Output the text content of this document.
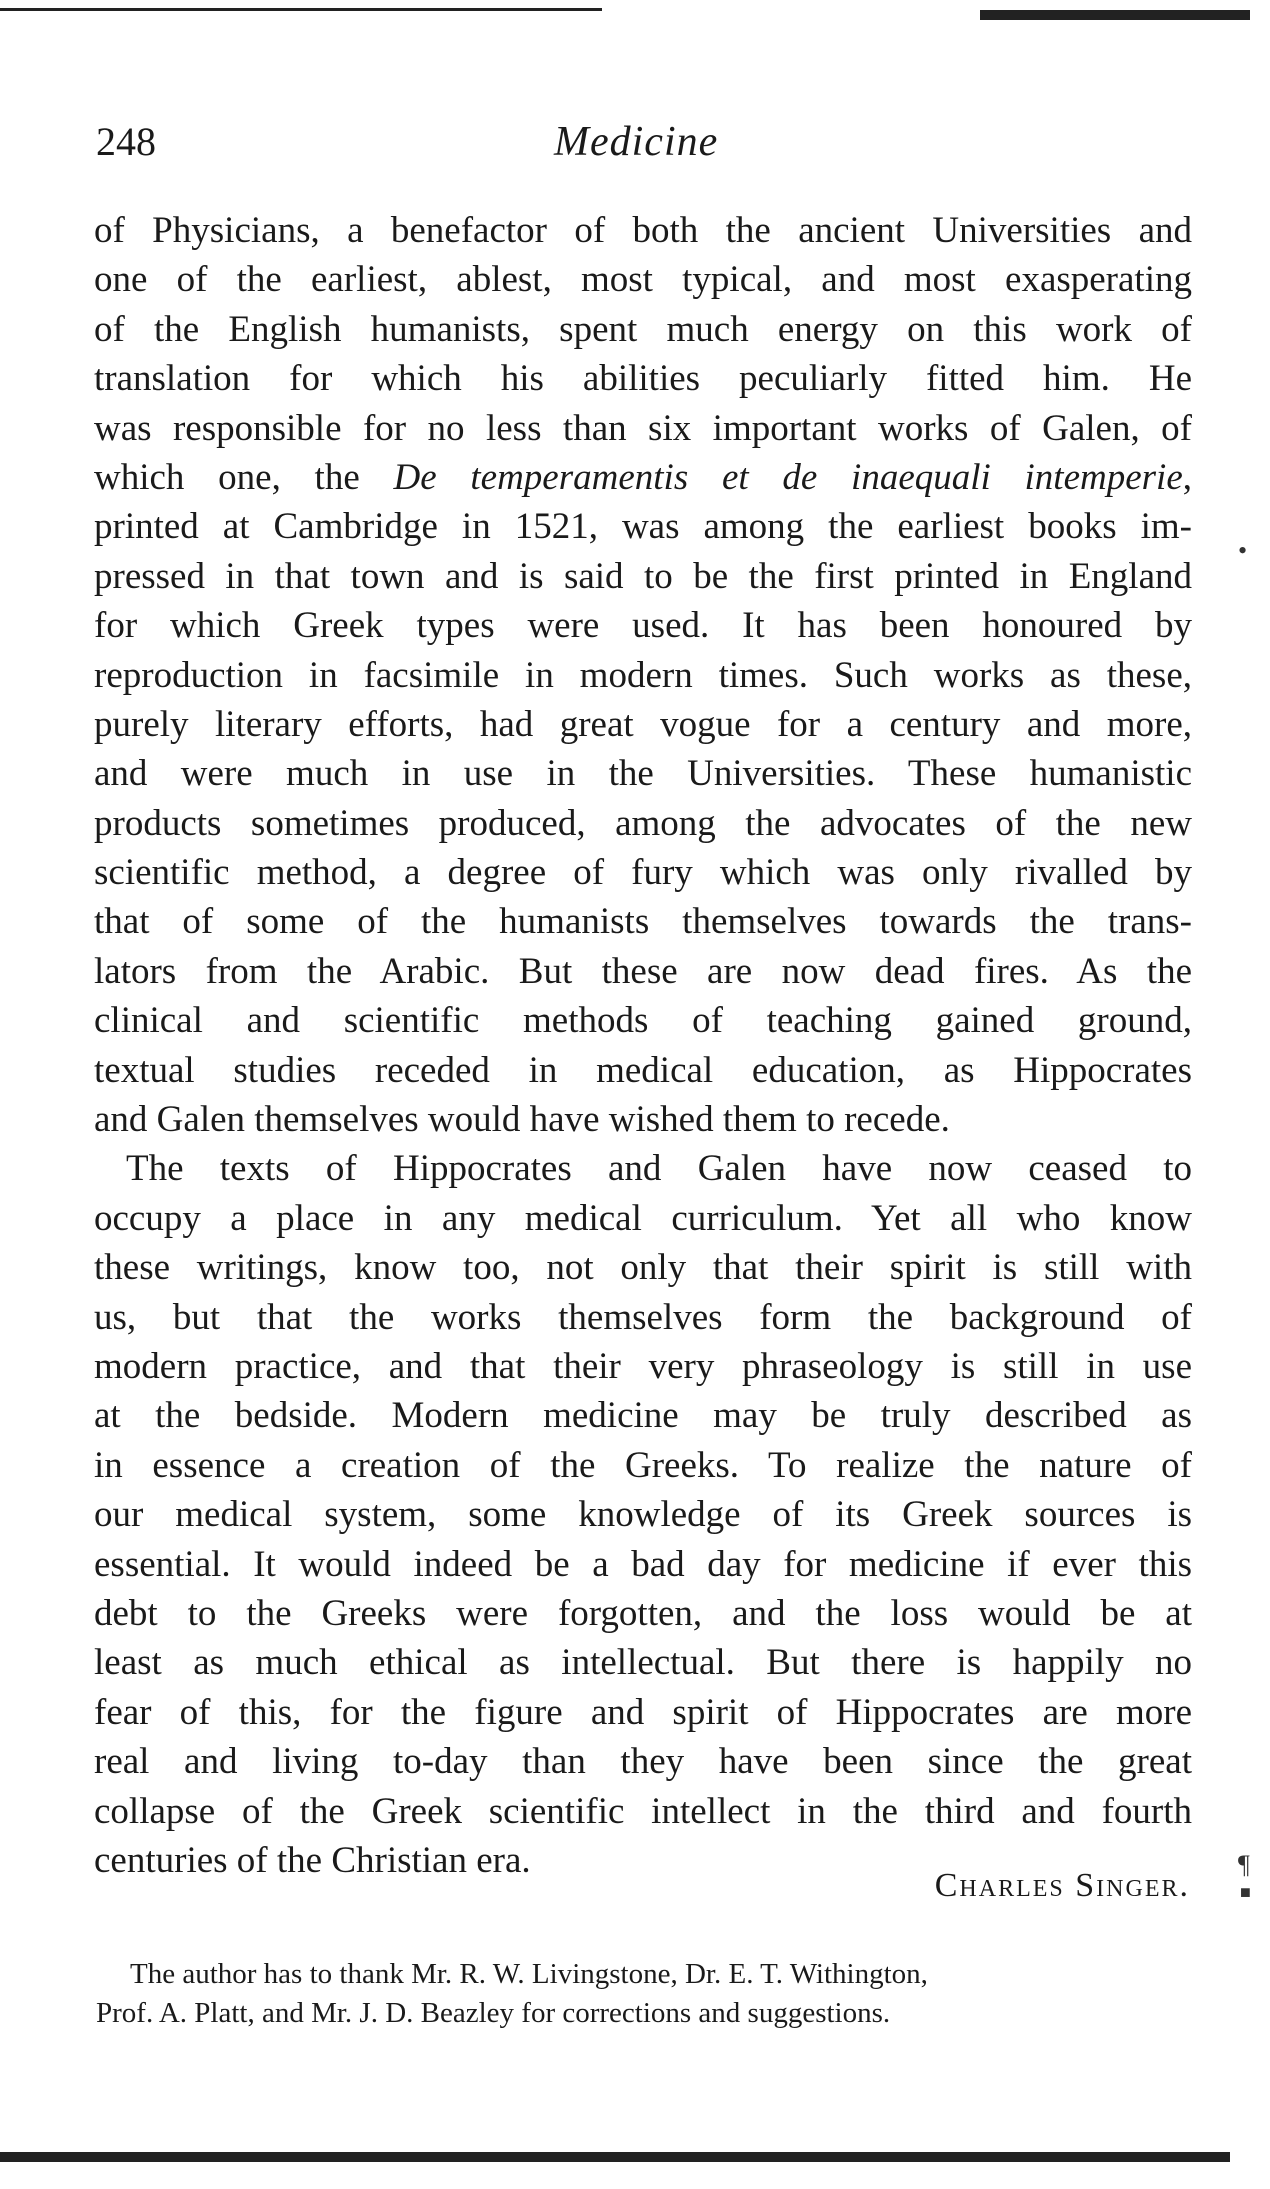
•
¶
■
248	Medicine
of Physicians, a benefactor of both the ancient Universities and
one of the earliest, ablest, most typical, and most exasperating
of the English humanists, spent much energy on this work of
translation for which his abilities peculiarly fitted him. He
was responsible for no less than six important works of Galen, of
which one, the De temperamentis et de inaequali intemperie,
printed at Cambridge in 1521, was among the earliest books im-
pressed in that town and is said to be the first printed in England
for which Greek types were used. It has been honoured by
reproduction in facsimile in modern times. Such works as these,
purely literary efforts, had great vogue for a century and more,
and were much in use in the Universities. These humanistic
products sometimes produced, among the advocates of the new
scientific method, a degree of fury which was only rivalled by
that of some of the humanists themselves towards the trans-
lators from the Arabic. But these are now dead fires. As the
clinical and scientific methods of teaching gained ground,
textual studies receded in medical education, as Hippocrates
and Galen themselves would have wished them to recede.
The texts of Hippocrates and Galen have now ceased to
occupy a place in any medical curriculum. Yet all who know
these writings, know too, not only that their spirit is still with
us, but that the works themselves form the background of
modern practice, and that their very phraseology is still in use
at the bedside. Modern medicine may be truly described as
in essence a creation of the Greeks. To realize the nature of
our medical system, some knowledge of its Greek sources is
essential. It would indeed be a bad day for medicine if ever this
debt to the Greeks were forgotten, and the loss would be at
least as much ethical as intellectual. But there is happily no
fear of this, for the figure and spirit of Hippocrates are more
real and living to-day than they have been since the great
collapse of the Greek scientific intellect in the third and fourth
centuries of the Christian era.
Charles Singer.
The author has to thank Mr. R. W. Livingstone, Dr. E. T. Withington,
Prof. A. Platt, and Mr. J. D. Beazley for corrections and suggestions.
